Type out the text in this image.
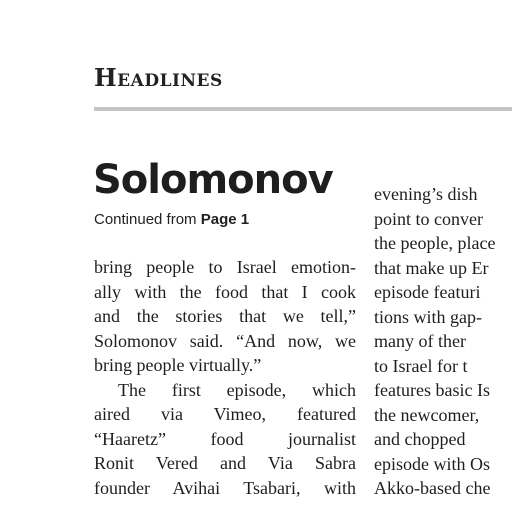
Headlines
Solomonov
Continued from Page 1
bring people to Israel emotion-
ally with the food that I cook
and the stories that we tell,”
Solomonov said. “And now, we
bring people virtually.”
The first episode, which
aired via Vimeo, featured
“Haaretz” food journalist
Ronit Vered and Via Sabra
founder Avihai Tsabari, with
evening’s dish
point to conver
the people, place
that make up Er
episode featuri
tions with gap-
many of ther
to Israel for t
features basic Is
the newcomer,
and chopped
episode with Os
Akko-based che
